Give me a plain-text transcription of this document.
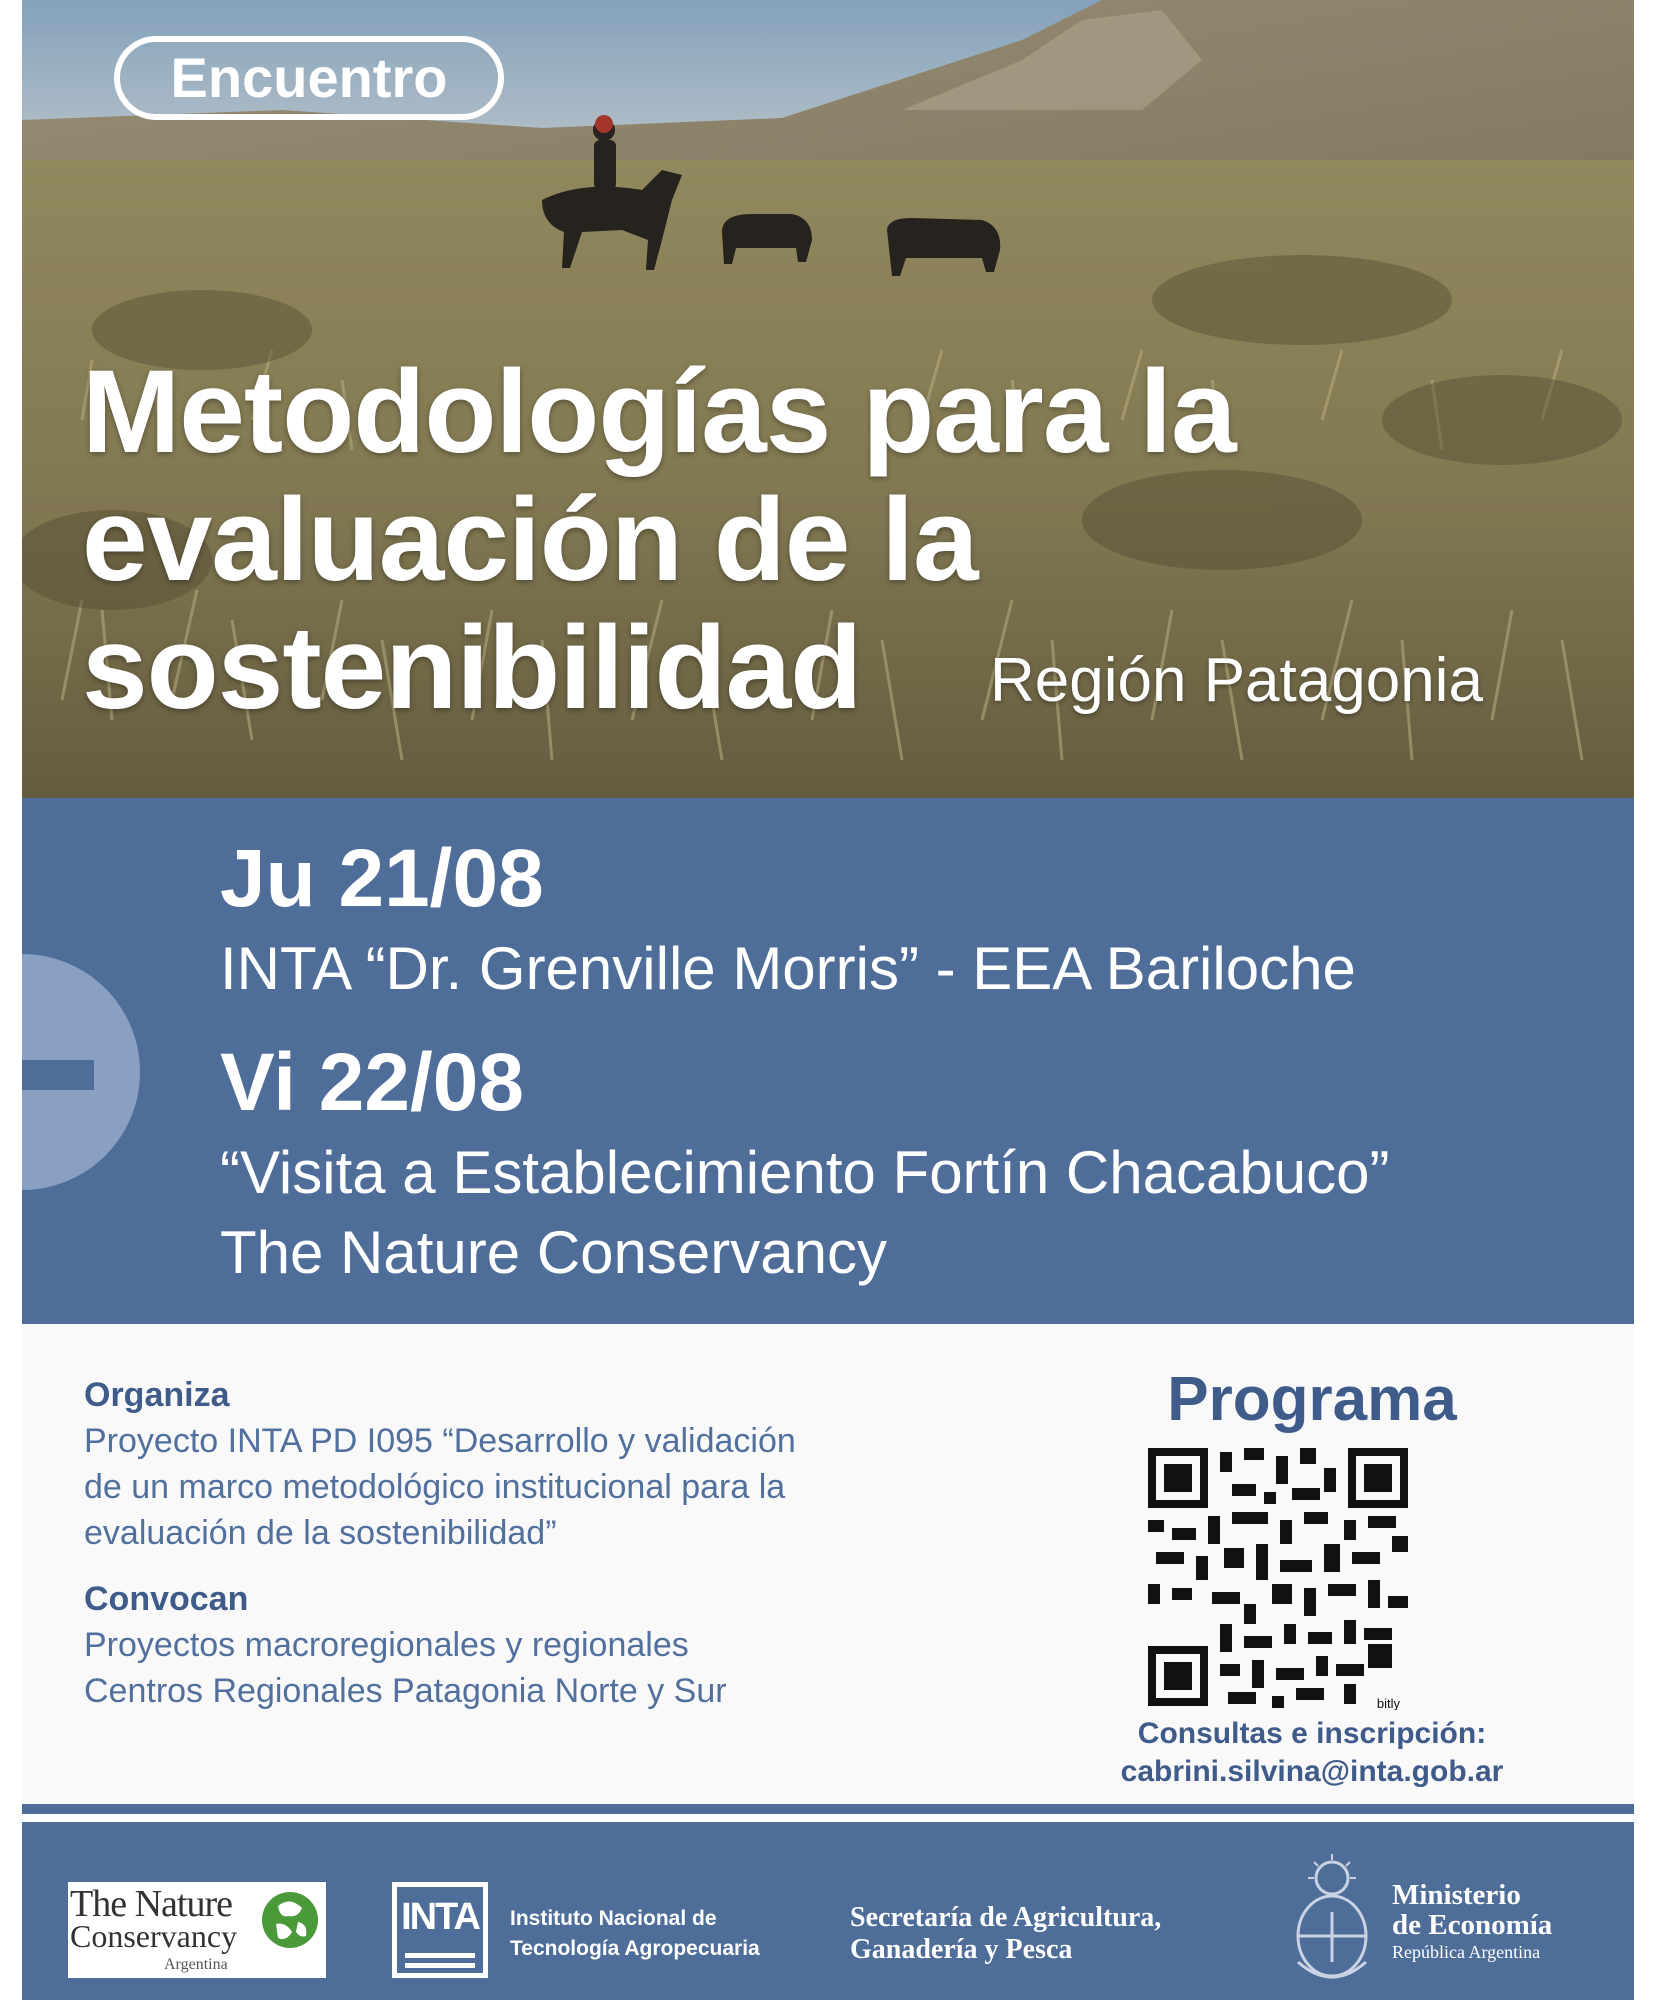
Encuentro
Metodologías para la
evaluación de la
sostenibilidad	Región Patagonia
Ju 21/08
INTA “Dr. Grenville Morris” - EEA Bariloche
Vi 22/08
“Visita a Establecimiento Fortín Chacabuco”
The Nature Conservancy
Organiza
Proyecto INTA PD I095 “Desarrollo y validación
de un marco metodológico institucional para la
evaluación de la sostenibilidad”
Convocan
Proyectos macroregionales y regionales
Centros Regionales Patagonia Norte y Sur
Programa
bitly
Consultas e inscripción:
cabrini.silvina@inta.gob.ar
The Nature
Conservancy
Argentina
INTA Instituto Nacional de
Tecnología Agropecuaria
Secretaría de Agricultura,
Ganadería y Pesca
Ministerio
de Economía
República Argentina
